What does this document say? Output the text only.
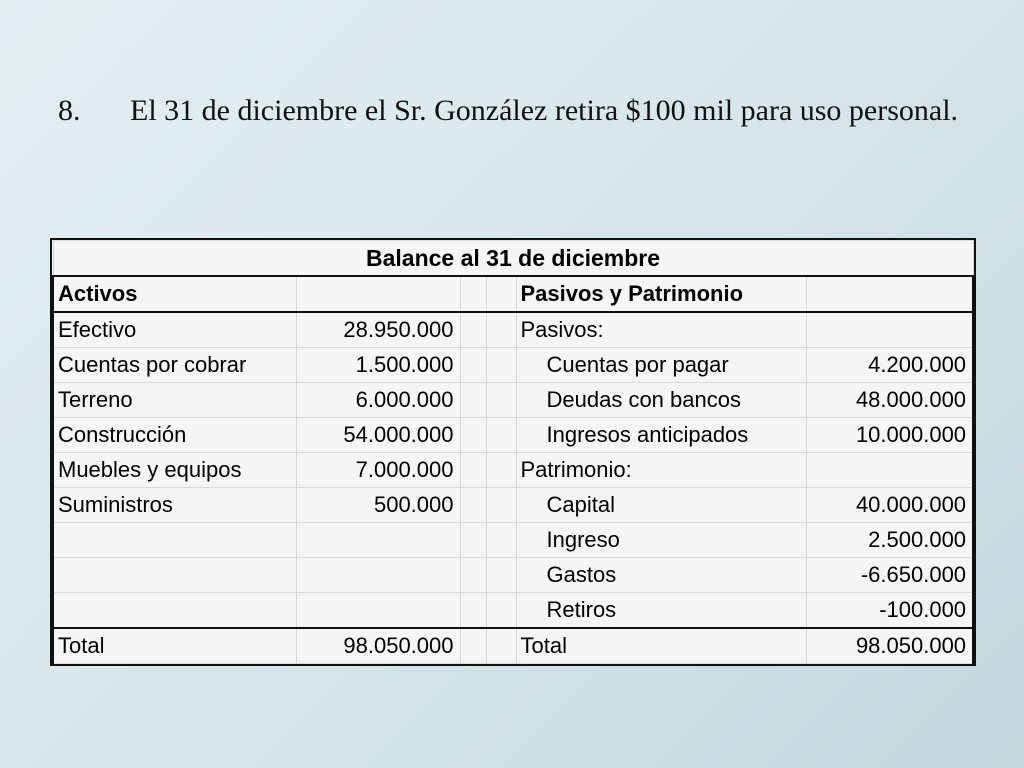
8. El 31 de diciembre el Sr. González retira $100 mil para uso personal.
Balance al 31 de diciembre					
Activos				Pasivos y Patrimonio	
Efectivo	28.950.000			Pasivos:	
Cuentas por cobrar	1.500.000			Cuentas por pagar	4.200.000
Terreno	6.000.000			Deudas con bancos	48.000.000
Construcción	54.000.000			Ingresos anticipados	10.000.000
Muebles y equipos	7.000.000			Patrimonio:	
Suministros	500.000			Capital	40.000.000
				Ingreso	2.500.000
				Gastos	-6.650.000
				Retiros	-100.000
Total	98.050.000			Total	98.050.000
